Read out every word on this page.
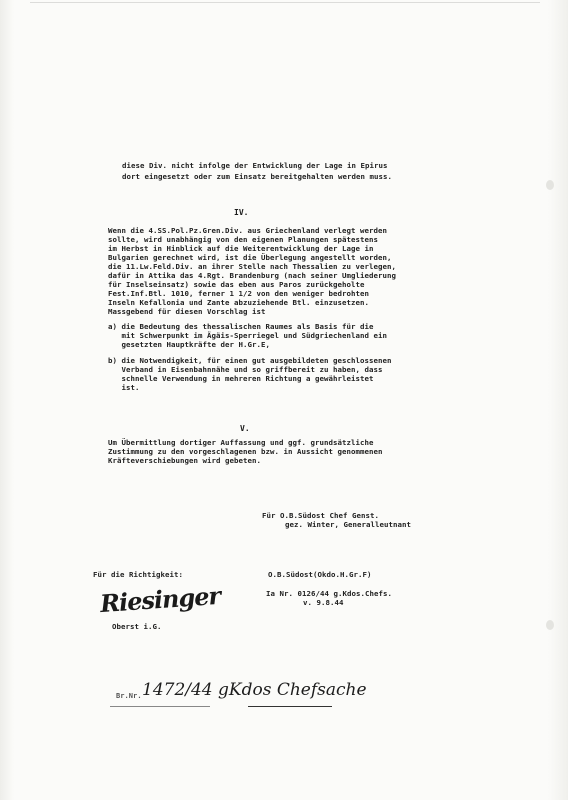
diese Div. nicht infolge der Entwicklung der Lage in Epirus
dort eingesetzt oder zum Einsatz bereitgehalten werden muss.
IV.
Wenn die 4.SS.Pol.Pz.Gren.Div. aus Griechenland verlegt werden
sollte, wird unabhängig von den eigenen Planungen spätestens
im Herbst in Hinblick auf die Weiterentwicklung der Lage in
Bulgarien gerechnet wird, ist die Überlegung angestellt worden,
die 11.Lw.Feld.Div. an ihrer Stelle nach Thessalien zu verlegen,
dafür in Attika das 4.Rgt. Brandenburg (nach seiner Umgliederung
für Inselseinsatz) sowie das eben aus Paros zurückgeholte
Fest.Inf.Btl. 1010, ferner 1 1/2 von den weniger bedrohten
Inseln Kefallonia und Zante abzuziehende Btl. einzusetzen.
Massgebend für diesen Vorschlag ist
a) die Bedeutung des thessalischen Raumes als Basis für die
mit Schwerpunkt im Ägäis-Sperriegel und Südgriechenland ein
gesetzten Hauptkräfte der H.Gr.E,
b) die Notwendigkeit, für einen gut ausgebildeten geschlossenen
Verband in Eisenbahnnähe und so griffbereit zu haben, dass
schnelle Verwendung in mehreren Richtung a gewährleistet
ist.
V.
Um Übermittlung dortiger Auffassung und ggf. grundsätzliche
Zustimmung zu den vorgeschlagenen bzw. in Aussicht genommenen
Kräfteverschiebungen wird gebeten.
Für O.B.Südost Chef Genst.
gez. Winter, Generalleutnant
Für die Richtigkeit:	O.B.Südost(Okdo.H.Gr.F)
Ia Nr. 0126/44 g.Kdos.Chefs.
v. 9.8.44
Riesinger
Oberst i.G.
Br.Nr. 1472/44 gKdos Chefsache
